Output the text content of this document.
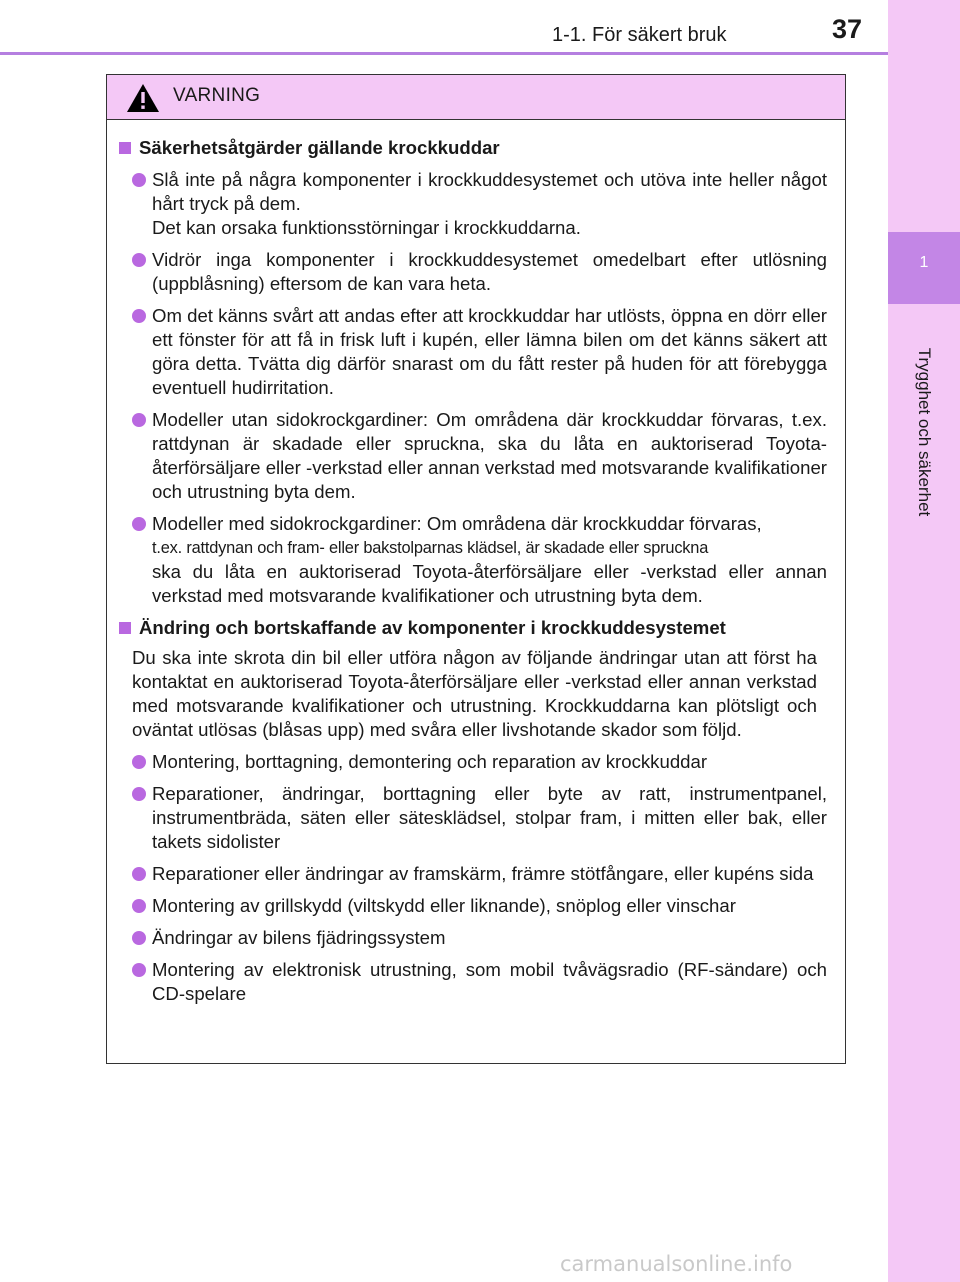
1-1. För säkert bruk	37
1
Trygghet och säkerhet
VARNING
Säkerhetsåtgärder gällande krockkuddar
Slå inte på några komponenter i krockkuddesystemet och utöva inte heller något hårt tryck på dem.
Det kan orsaka funktionsstörningar i krockkuddarna.
Vidrör inga komponenter i krockkuddesystemet omedelbart efter utlösning (uppblåsning) eftersom de kan vara heta.
Om det känns svårt att andas efter att krockkuddar har utlösts, öppna en dörr eller ett fönster för att få in frisk luft i kupén, eller lämna bilen om det känns säkert att göra detta. Tvätta dig därför snarast om du fått rester på huden för att förebygga eventuell hudirritation.
Modeller utan sidokrockgardiner: Om områdena där krockkuddar förvaras, t.ex. rattdynan är skadade eller spruckna, ska du låta en auktoriserad Toyota-återförsäljare eller -verkstad eller annan verkstad med motsvarande kvalifikationer och utrustning byta dem.
Modeller med sidokrockgardiner: Om områdena där krockkuddar förvaras,
t.ex. rattdynan och fram- eller bakstolparnas klädsel, är skadade eller spruckna
ska du låta en auktoriserad Toyota-återförsäljare eller -verkstad eller annan verkstad med motsvarande kvalifikationer och utrustning byta dem.
Ändring och bortskaffande av komponenter i krockkuddesystemet
Du ska inte skrota din bil eller utföra någon av följande ändringar utan att först ha kontaktat en auktoriserad Toyota-återförsäljare eller -verkstad eller annan verkstad med motsvarande kvalifikationer och utrustning. Krockkuddarna kan plötsligt och oväntat utlösas (blåsas upp) med svåra eller livshotande skador som följd.
Montering, borttagning, demontering och reparation av krockkuddar
Reparationer, ändringar, borttagning eller byte av ratt, instrumentpanel, instrumentbräda, säten eller sätesklädsel, stolpar fram, i mitten eller bak, eller takets sidolister
Reparationer eller ändringar av framskärm, främre stötfångare, eller kupéns sida
Montering av grillskydd (viltskydd eller liknande), snöplog eller vinschar
Ändringar av bilens fjädringssystem
Montering av elektronisk utrustning, som mobil tvåvägsradio (RF-sändare) och CD-spelare
carmanualsonline.info
